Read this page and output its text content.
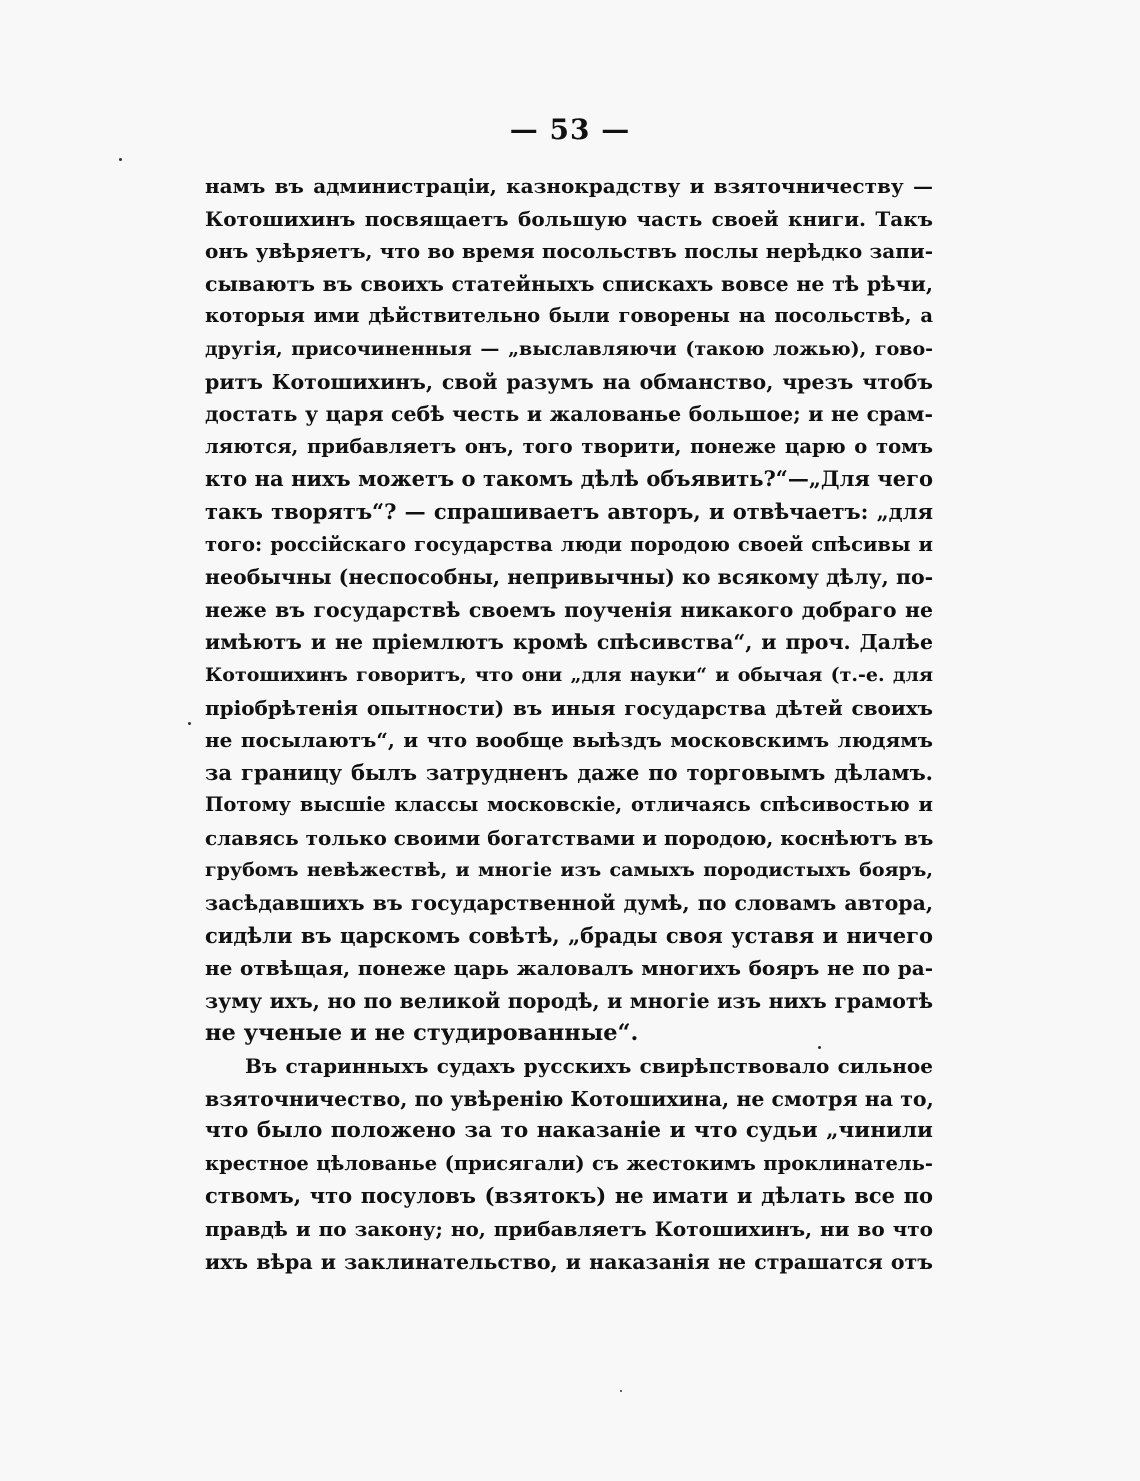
— 53 —
намъ въ администраціи, казнокрадству и взяточничеству —
Котошихинъ посвящаетъ большую часть своей книги. Такъ
онъ увѣряетъ, что во время посольствъ послы нерѣдко запи-
сываютъ въ своихъ статейныхъ спискахъ вовсе не тѣ рѣчи,
которыя ими дѣйствительно были говорены на посольствѣ, а
другія, присочиненныя — „выславляючи (такою ложью), гово-
ритъ Котошихинъ, свой разумъ на обманство, чрезъ чтобъ
достать у царя себѣ честь и жалованье большое; и не срам-
ляются, прибавляетъ онъ, того творити, понеже царю о томъ
кто на нихъ можетъ о такомъ дѣлѣ объявить?“—„Для чего
такъ творятъ“? — спрашиваетъ авторъ, и отвѣчаетъ: „для
того: россійскаго государства люди породою своей спѣсивы и
необычны (неспособны, непривычны) ко всякому дѣлу, по-
неже въ государствѣ своемъ поученія никакого добраго не
имѣютъ и не пріемлютъ кромѣ спѣсивства“, и проч. Далѣе
Котошихинъ говоритъ, что они „для науки“ и обычая (т.-е. для
пріобрѣтенія опытности) въ иныя государства дѣтей своихъ
не посылаютъ“, и что вообще выѣздъ московскимъ людямъ
за границу былъ затрудненъ даже по торговымъ дѣламъ.
Потому высшіе классы московскіе, отличаясь спѣсивостью и
славясь только своими богатствами и породою, коснѣютъ въ
грубомъ невѣжествѣ, и многіе изъ самыхъ породистыхъ бояръ,
засѣдавшихъ въ государственной думѣ, по словамъ автора,
сидѣли въ царскомъ совѣтѣ, „брады своя уставя и ничего
не отвѣщая, понеже царь жаловалъ многихъ бояръ не по ра-
зуму ихъ, но по великой породѣ, и многіе изъ нихъ грамотѣ
не ученые и не студированные“.
Въ старинныхъ судахъ русскихъ свирѣпствовало сильное
взяточничество, по увѣренію Котошихина, не смотря на то,
что было положено за то наказаніе и что судьи „чинили
крестное цѣлованье (присягали) съ жестокимъ проклинатель-
ствомъ, что посуловъ (взятокъ) не имати и дѣлать все по
правдѣ и по закону; но, прибавляетъ Котошихинъ, ни во что
ихъ вѣра и заклинательство, и наказанія не страшатся отъ
